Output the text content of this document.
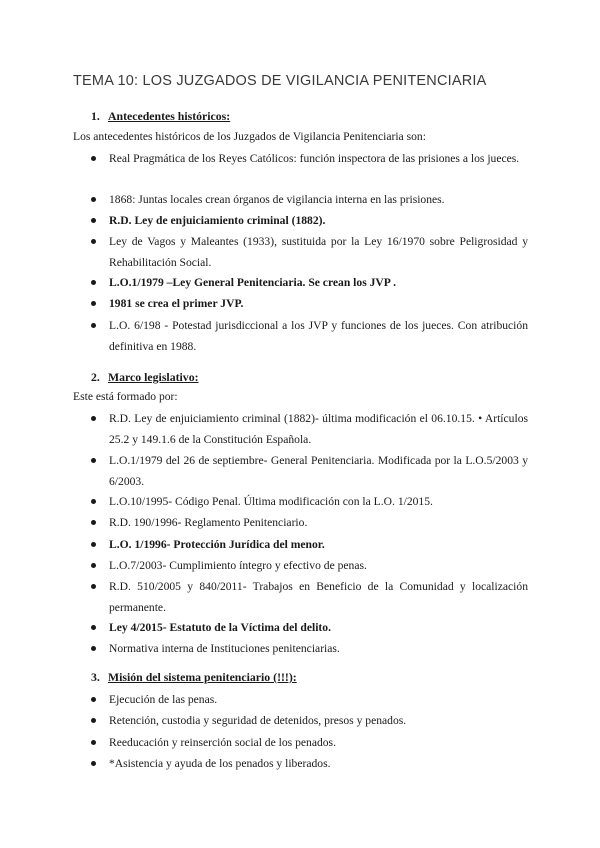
TEMA 10: LOS JUZGADOS DE VIGILANCIA PENITENCIARIA
1. Antecedentes históricos:
Los antecedentes históricos de los Juzgados de Vigilancia Penitenciaria son:
Real Pragmática de los Reyes Católicos: función inspectora de las prisiones a los jueces.
1868: Juntas locales crean órganos de vigilancia interna en las prisiones.
R.D. Ley de enjuiciamiento criminal (1882).
Ley de Vagos y Maleantes (1933), sustituida por la Ley 16/1970 sobre Peligrosidad y Rehabilitación Social.
L.O.1/1979 –Ley General Penitenciaria. Se crean los JVP .
1981 se crea el primer JVP.
L.O. 6/198 - Potestad jurisdiccional a los JVP y funciones de los jueces. Con atribución definitiva en 1988.
2. Marco legislativo:
Este está formado por:
R.D. Ley de enjuiciamiento criminal (1882)- última modificación el 06.10.15. • Artículos 25.2 y 149.1.6 de la Constitución Española.
L.O.1/1979 del 26 de septiembre- General Penitenciaria. Modificada por la L.O.5/2003 y 6/2003.
L.O.10/1995- Código Penal. Última modificación con la L.O. 1/2015.
R.D. 190/1996- Reglamento Penitenciario.
L.O. 1/1996- Protección Jurídica del menor.
L.O.7/2003- Cumplimiento íntegro y efectivo de penas.
R.D. 510/2005 y 840/2011- Trabajos en Beneficio de la Comunidad y localización permanente.
Ley 4/2015- Estatuto de la Víctima del delito.
Normativa interna de Instituciones penitenciarias.
3. Misión del sistema penitenciario (!!!):
Ejecución de las penas.
Retención, custodia y seguridad de detenidos, presos y penados.
Reeducación y reinserción social de los penados.
*Asistencia y ayuda de los penados y liberados.
